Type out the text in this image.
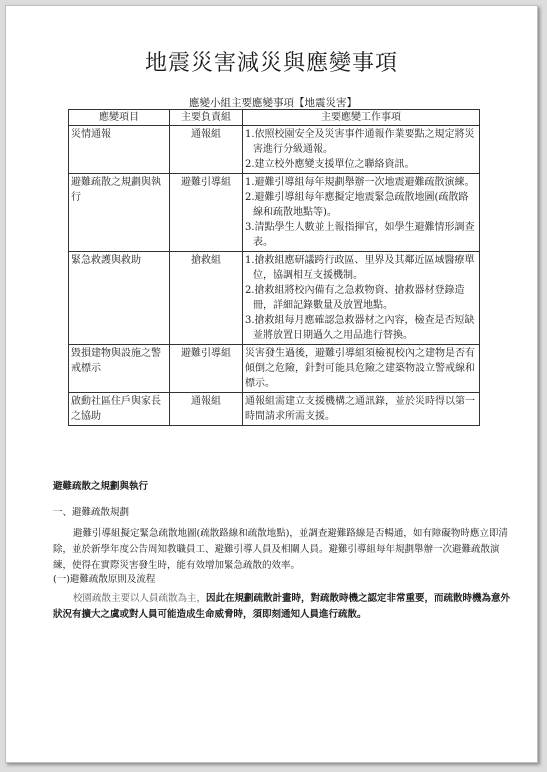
地震災害減災與應變事項
應變小組主要應變事項【地震災害】
應變項目	主要負責組	主要應變工作事項
災情通報	通報組	1.依照校園安全及災害事件通報作業要點之規定將災害進行分級通報。
2.建立校外應變支援單位之聯絡資訊。

避難疏散之規劃與執行	避難引導組	1.避難引導組每年規劃舉辦一次地震避難疏散演練。
2.避難引導組每年應擬定地震緊急疏散地圖(疏散路線和疏散地點等)。
3.清點學生人數並上報指揮官，如學生避難情形調查表。

緊急救護與救助	搶救組	1.搶救組應研議跨行政區、里界及其鄰近區域醫療單位，協調相互支援機制。
2.搶救組將校內備有之急救物資、搶救器材登錄造冊，詳細記錄數量及放置地點。
3.搶救組每月應確認急救器材之內容，檢查是否短缺並將放置日期過久之用品進行替換。

毀損建物與設施之警戒標示	避難引導組	災害發生過後，避難引導組須檢視校內之建物是否有傾倒之危險，針對可能具危險之建築物設立警戒線和標示。

啟動社區住戶與家長之協助	通報組	通報組需建立支援機構之通訊錄，並於災時得以第一時間請求所需支援。
避難疏散之規劃與執行
一、避難疏散規劃
避難引導組擬定緊急疏散地圖(疏散路線和疏散地點)，並調查避難路線是否暢通，如有障礙物時應立即清除，並於新學年度公告周知教職員工、避難引導人員及相關人員。避難引導組每年規劃舉辦一次避難疏散演練，使得在實際災害發生時，能有效增加緊急疏散的效率。
(一)避難疏散原則及流程
校園疏散主要以人員疏散為主，因此在規劃疏散計畫時，對疏散時機之認定非常重要，而疏散時機為意外狀況有擴大之虞或對人員可能造成生命威脅時，須即刻通知人員進行疏散。
